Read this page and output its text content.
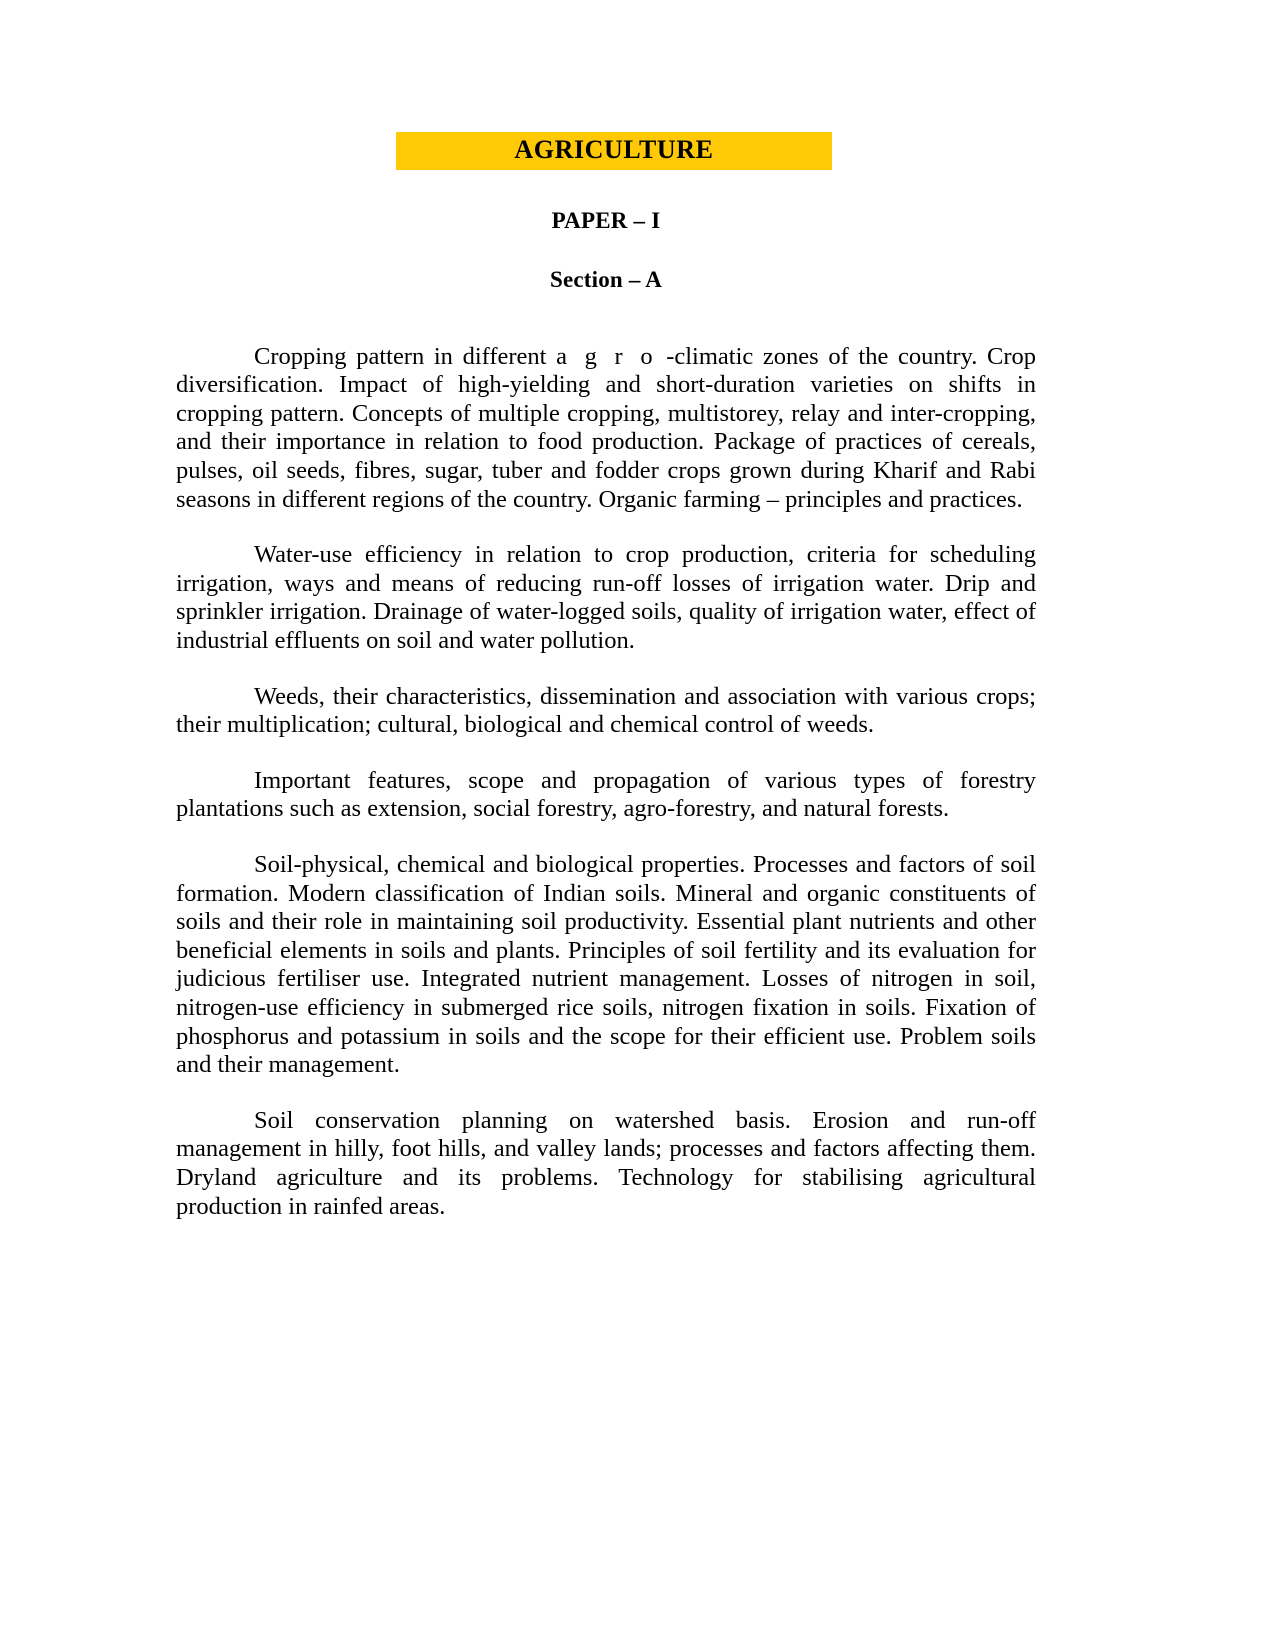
AGRICULTURE

PAPER – I

Section – A

Cropping pattern in different a g r o -climatic zones of the country. Crop diversification. Impact of high-yielding and short-duration varieties on shifts in cropping pattern. Concepts of multiple cropping, multistorey, relay and inter-cropping, and their importance in relation to food production. Package of practices of cereals, pulses, oil seeds, fibres, sugar, tuber and fodder crops grown during Kharif and Rabi seasons in different regions of the country. Organic farming – principles and practices.

Water-use efficiency in relation to crop production, criteria for scheduling irrigation, ways and means of reducing run-off losses of irrigation water. Drip and sprinkler irrigation. Drainage of water-logged soils, quality of irrigation water, effect of industrial effluents on soil and water pollution.

Weeds, their characteristics, dissemination and association with various crops; their multiplication; cultural, biological and chemical control of weeds.

Important features, scope and propagation of various types of forestry plantations such as extension, social forestry, agro-forestry, and natural forests.

Soil-physical, chemical and biological properties. Processes and factors of soil formation. Modern classification of Indian soils. Mineral and organic constituents of soils and their role in maintaining soil productivity. Essential plant nutrients and other beneficial elements in soils and plants. Principles of soil fertility and its evaluation for judicious fertiliser use. Integrated nutrient management. Losses of nitrogen in soil, nitrogen-use efficiency in submerged rice soils, nitrogen fixation in soils. Fixation of phosphorus and potassium in soils and the scope for their efficient use. Problem soils and their management.

Soil conservation planning on watershed basis. Erosion and run-off management in hilly, foot hills, and valley lands; processes and factors affecting them. Dryland agriculture and its problems. Technology for stabilising agricultural production in rainfed areas.
